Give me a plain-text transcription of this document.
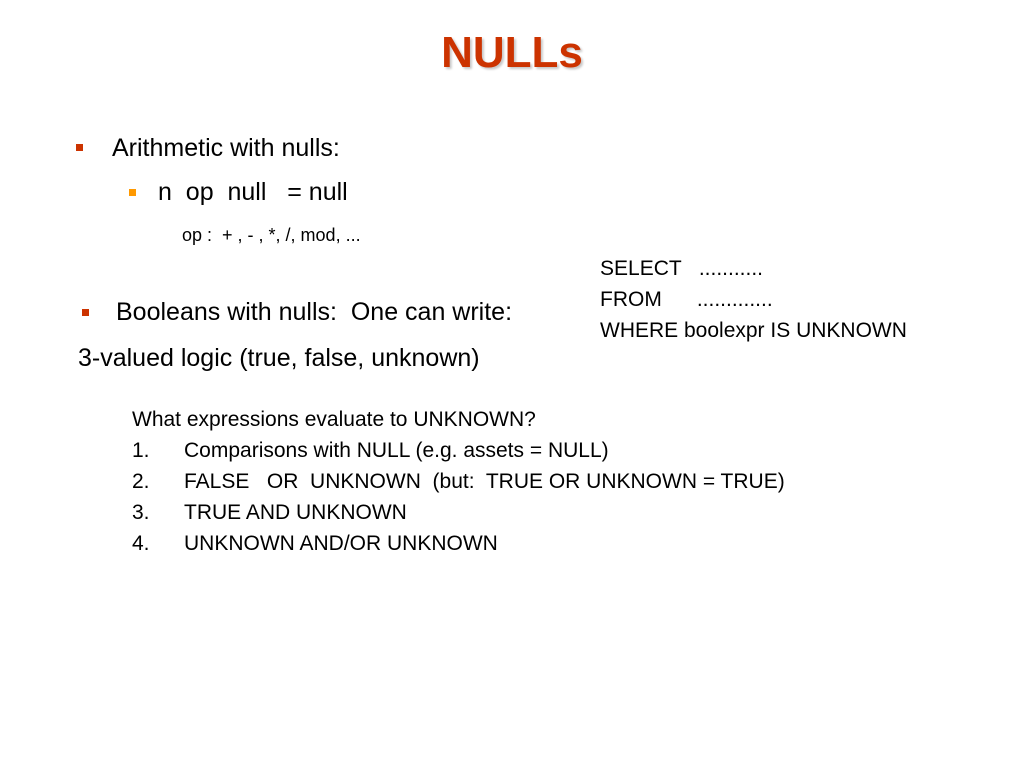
NULLs
Arithmetic with nulls:
n  op  null   = null
op :  + , - , *, /, mod, ...
SELECT   ...........
FROM      .............
WHERE boolexpr IS UNKNOWN
Booleans with nulls:  One can write:
3-valued logic (true, false, unknown)
What expressions evaluate to UNKNOWN?
1. Comparisons with NULL (e.g. assets = NULL)
2. FALSE   OR  UNKNOWN  (but:  TRUE OR UNKNOWN = TRUE)
3. TRUE AND UNKNOWN
4. UNKNOWN AND/OR UNKNOWN
